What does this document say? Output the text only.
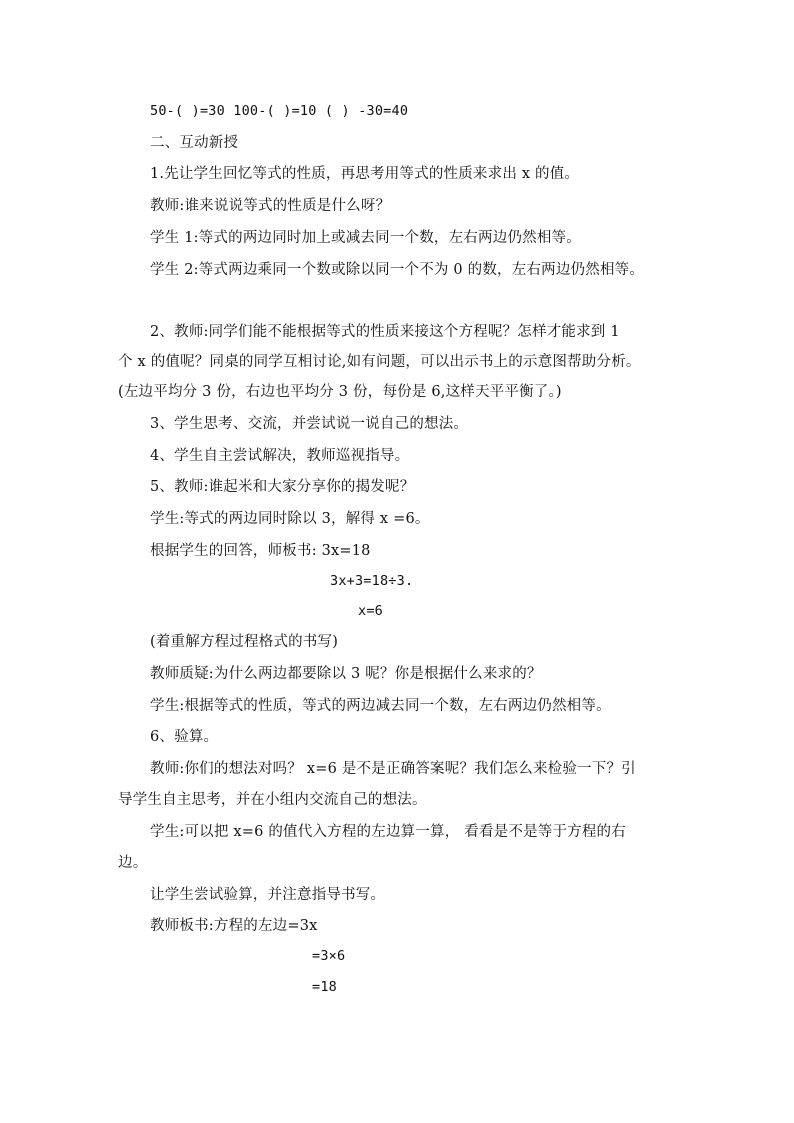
50-( )=30 100-( )=10 ( ) -30=40
二、互动新授
1.先让学生回忆等式的性质，再思考用等式的性质来求出 x 的值。
教师:谁来说说等式的性质是什么呀？
学生 1:等式的两边同时加上或减去同一个数，左右两边仍然相等。
学生 2:等式两边乘同一个数或除以同一个不为 0 的数，左右两边仍然相等。
2、教师:同学们能不能根据等式的性质来接这个方程呢？怎样才能求到 1
个 x 的值呢？同桌的同学互相讨论,如有问题，可以出示书上的示意图帮助分析。
(左边平均分 3 份，右边也平均分 3 份，每份是 6,这样天平平衡了。)
3、学生思考、交流，并尝试说一说自己的想法。
4、学生自主尝试解决，教师巡视指导。
5、教师:谁起米和大家分享你的揭发呢？
学生:等式的两边同时除以 3，解得 x =6。
根据学生的回答，师板书: 3x=18
3x+3=18÷3.
x=6
(着重解方程过程格式的书写)
教师质疑:为什么两边都要除以 3 呢？你是根据什么来求的？
学生:根据等式的性质，等式的两边减去同一个数，左右两边仍然相等。
6、验算。
教师:你们的想法对吗？ x=6 是不是正确答案呢？我们怎么来检验一下？引
导学生自主思考，并在小组内交流自己的想法。
学生:可以把 x=6 的值代入方程的左边算一算， 看看是不是等于方程的右
边。
让学生尝试验算，并注意指导书写。
教师板书:方程的左边=3x
=3×6
=18
